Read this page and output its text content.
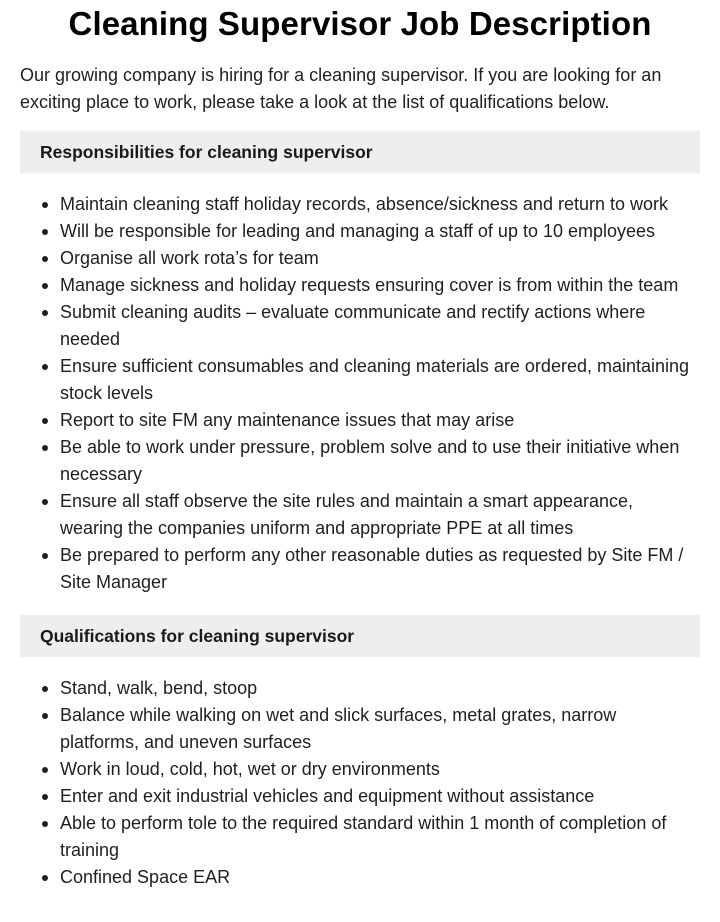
Cleaning Supervisor Job Description

Our growing company is hiring for a cleaning supervisor. If you are looking for an exciting place to work, please take a look at the list of qualifications below.

Responsibilities for cleaning supervisor
Maintain cleaning staff holiday records, absence/sickness and return to work
Will be responsible for leading and managing a staff of up to 10 employees
Organise all work rota’s for team
Manage sickness and holiday requests ensuring cover is from within the team
Submit cleaning audits – evaluate communicate and rectify actions where needed
Ensure sufficient consumables and cleaning materials are ordered, maintaining stock levels
Report to site FM any maintenance issues that may arise
Be able to work under pressure, problem solve and to use their initiative when necessary
Ensure all staff observe the site rules and maintain a smart appearance, wearing the companies uniform and appropriate PPE at all times
Be prepared to perform any other reasonable duties as requested by Site FM / Site Manager
Qualifications for cleaning supervisor
Stand, walk, bend, stoop
Balance while walking on wet and slick surfaces, metal grates, narrow platforms, and uneven surfaces
Work in loud, cold, hot, wet or dry environments
Enter and exit industrial vehicles and equipment without assistance
Able to perform tole to the required standard within 1 month of completion of training
Confined Space EAR
